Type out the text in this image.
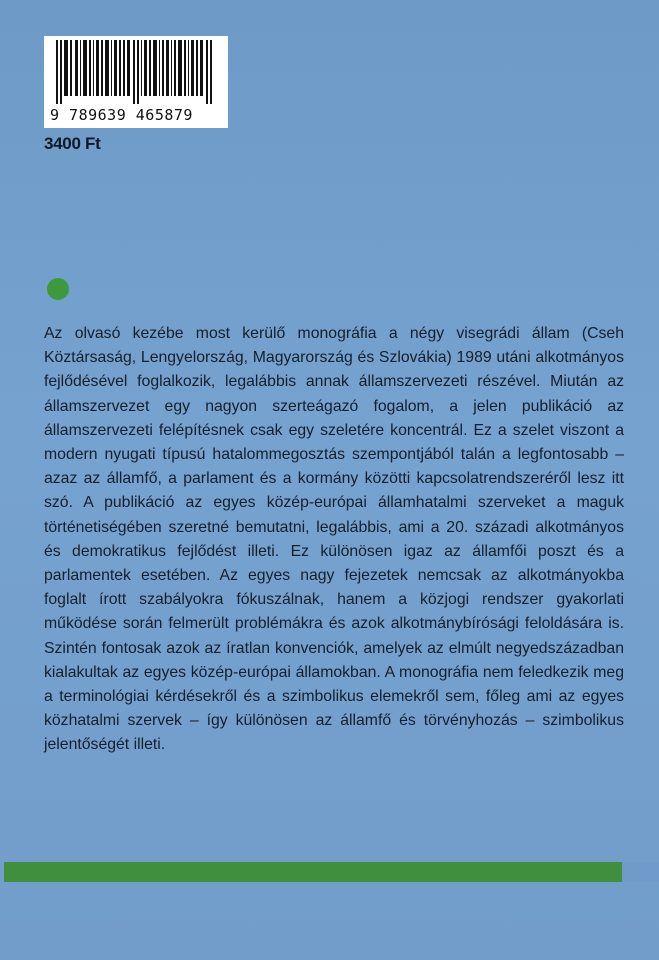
9 789639 465879
3400 Ft

Az olvasó kezébe most kerülő monográfia a négy visegrádi állam (Cseh Köztársaság, Lengyelország, Magyarország és Szlovákia) 1989 utáni alkotmányos fejlődésével foglalkozik, legalábbis annak államszervezeti részével. Miután az államszervezet egy nagyon szerteágazó fogalom, a jelen publikáció az államszervezeti felépítésnek csak egy szeletére koncentrál. Ez a szelet viszont a modern nyugati típusú hatalommegosztás szempontjából talán a legfontosabb – azaz az államfő, a parlament és a kormány közötti kapcsolatrendszeréről lesz itt szó. A publikáció az egyes közép-európai államhatalmi szerveket a maguk történetiségében szeretné bemutatni, legalábbis, ami a 20. századi alkotmányos és demokratikus fejlődést illeti. Ez különösen igaz az államfői poszt és a parlamentek esetében. Az egyes nagy fejezetek nemcsak az alkotmányokba foglalt írott szabályokra fókuszálnak, hanem a közjogi rendszer gyakorlati működése során felmerült problémákra és azok alkotmánybírósági feloldására is. Szintén fontosak azok az íratlan konvenciók, amelyek az elmúlt negyedszázadban kialakultak az egyes közép-európai államokban. A monográfia nem feledkezik meg a terminológiai kérdésekről és a szimbolikus elemekről sem, főleg ami az egyes közhatalmi szervek – így különösen az államfő és törvényhozás – szimbolikus jelentőségét illeti.
